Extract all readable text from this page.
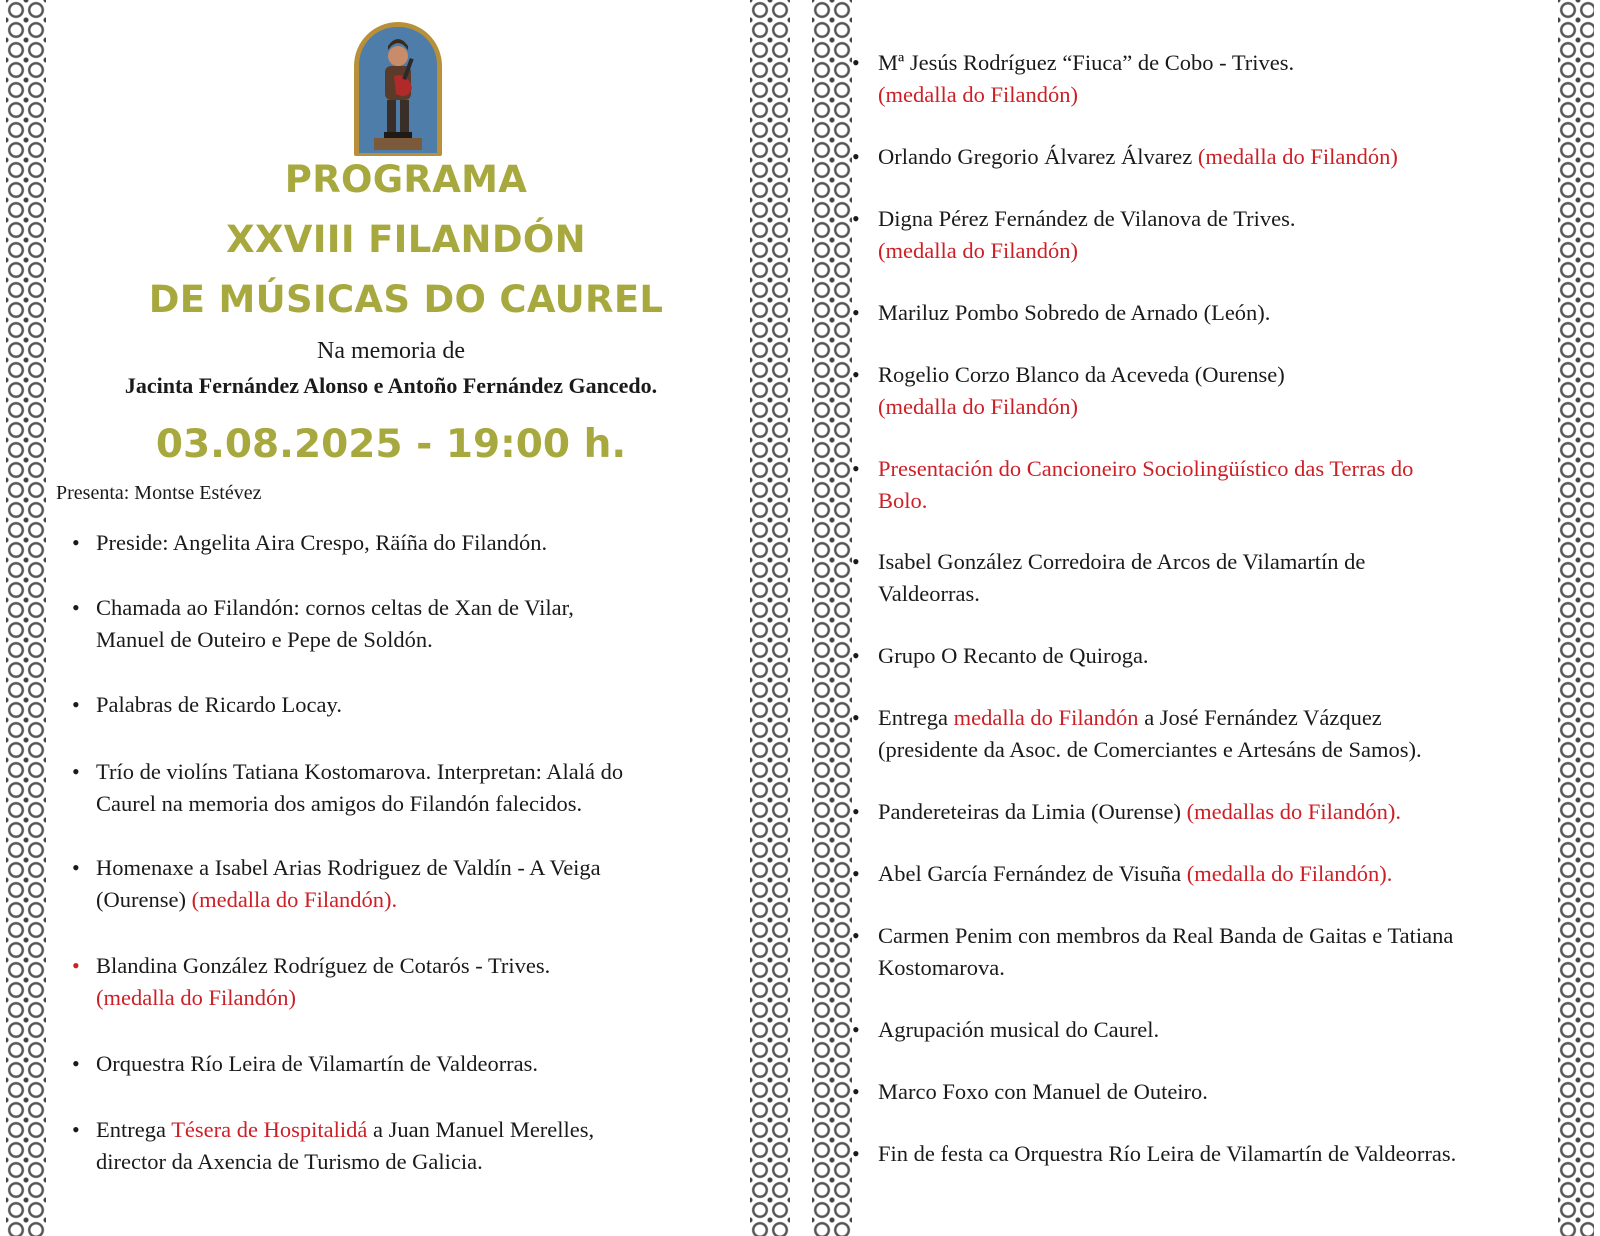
PROGRAMA
XXVIII FILANDÓN
DE MÚSICAS DO CAUREL
Na memoria de
Jacinta Fernández Alonso e Antoño Fernández Gancedo.
03.08.2025 - 19:00 h.
Presenta: Montse Estévez
• Preside: Angelita Aira Crespo, Räíña do Filandón.
• Chamada ao Filandón: cornos celtas de Xan de Vilar,
Manuel de Outeiro e Pepe de Soldón.
• Palabras de Ricardo Locay.
• Trío de violíns Tatiana Kostomarova. Interpretan: Alalá do
Caurel na memoria dos amigos do Filandón falecidos.
• Homenaxe a Isabel Arias Rodriguez de Valdín - A Veiga
(Ourense) (medalla do Filandón).
• Blandina González Rodríguez de Cotarós - Trives.
(medalla do Filandón)
• Orquestra Río Leira de Vilamartín de Valdeorras.
• Entrega Tésera de Hospitalidá a Juan Manuel Merelles,
director da Axencia de Turismo de Galicia.
• Mª Jesús Rodríguez “Fiuca” de Cobo - Trives.
(medalla do Filandón)
• Orlando Gregorio Álvarez Álvarez (medalla do Filandón)
• Digna Pérez Fernández de Vilanova de Trives.
(medalla do Filandón)
• Mariluz Pombo Sobredo de Arnado (León).
• Rogelio Corzo Blanco da Aceveda (Ourense)
(medalla do Filandón)
• Presentación do Cancioneiro Sociolingüístico das Terras do
Bolo.
• Isabel González Corredoira de Arcos de Vilamartín de
Valdeorras.
• Grupo O Recanto de Quiroga.
• Entrega medalla do Filandón a José Fernández Vázquez
(presidente da Asoc. de Comerciantes e Artesáns de Samos).
• Pandereteiras da Limia (Ourense) (medallas do Filandón).
• Abel García Fernández de Visuña (medalla do Filandón).
• Carmen Penim con membros da Real Banda de Gaitas e Tatiana
Kostomarova.
• Agrupación musical do Caurel.
• Marco Foxo con Manuel de Outeiro.
• Fin de festa ca Orquestra Río Leira de Vilamartín de Valdeorras.
